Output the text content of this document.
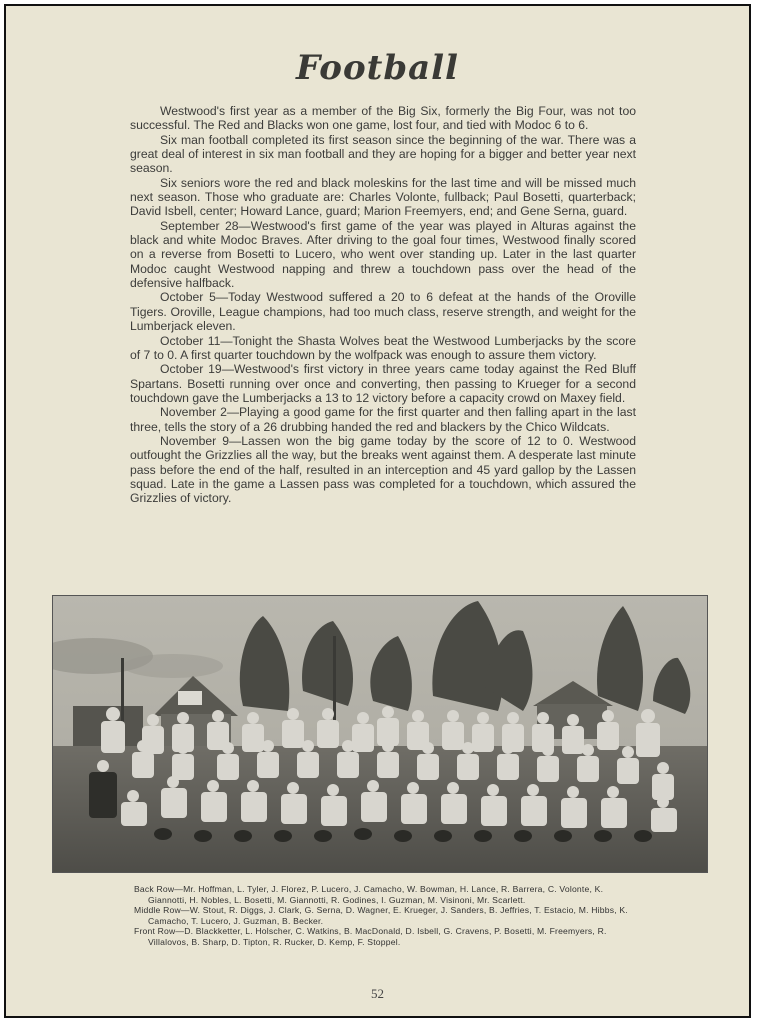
Football

Westwood's first year as a member of the Big Six, formerly the Big Four, was not too successful. The Red and Blacks won one game, lost four, and tied with Modoc 6 to 6.

Six man football completed its first season since the beginning of the war. There was a great deal of interest in six man football and they are hoping for a bigger and better year next season.

Six seniors wore the red and black moleskins for the last time and will be missed much next season. Those who graduate are: Charles Volonte, fullback; Paul Bosetti, quarterback; David Isbell, center; Howard Lance, guard; Marion Freemyers, end; and Gene Serna, guard.

September 28—Westwood's first game of the year was played in Alturas against the black and white Modoc Braves. After driving to the goal four times, Westwood finally scored on a reverse from Bosetti to Lucero, who went over standing up. Later in the last quarter Modoc caught Westwood napping and threw a touchdown pass over the head of the defensive halfback.

October 5—Today Westwood suffered a 20 to 6 defeat at the hands of the Oroville Tigers. Oroville, League champions, had too much class, reserve strength, and weight for the Lumberjack eleven.

October 11—Tonight the Shasta Wolves beat the Westwood Lumberjacks by the score of 7 to 0. A first quarter touchdown by the wolfpack was enough to assure them victory.

October 19—Westwood's first victory in three years came today against the Red Bluff Spartans. Bosetti running over once and converting, then passing to Krueger for a second touchdown gave the Lumberjacks a 13 to 12 victory before a capacity crowd on Maxey field.

November 2—Playing a good game for the first quarter and then falling apart in the last three, tells the story of a 26 drubbing handed the red and blackers by the Chico Wildcats.

November 9—Lassen won the big game today by the score of 12 to 0. Westwood outfought the Grizzlies all the way, but the breaks went against them. A desperate last minute pass before the end of the half, resulted in an interception and 45 yard gallop by the Lassen squad. Late in the game a Lassen pass was completed for a touchdown, which assured the Grizzlies of victory.

Back Row—Mr. Hoffman, L. Tyler, J. Florez, P. Lucero, J. Camacho, W. Bowman, H. Lance, R. Barrera, C. Volonte, K. Giannotti, H. Nobles, L. Bosetti, M. Giannotti, R. Godines, I. Guzman, M. Visinoni, Mr. Scarlett.

Middle Row—W. Stout, R. Diggs, J. Clark, G. Serna, D. Wagner, E. Krueger, J. Sanders, B. Jeffries, T. Estacio, M. Hibbs, K. Camacho, T. Lucero, J. Guzman, B. Becker.

Front Row—D. Blackketter, L. Holscher, C. Watkins, B. MacDonald, D. Isbell, G. Cravens, P. Bosetti, M. Freemyers, R. Villalovos, B. Sharp, D. Tipton, R. Rucker, D. Kemp, F. Stoppel.

52
